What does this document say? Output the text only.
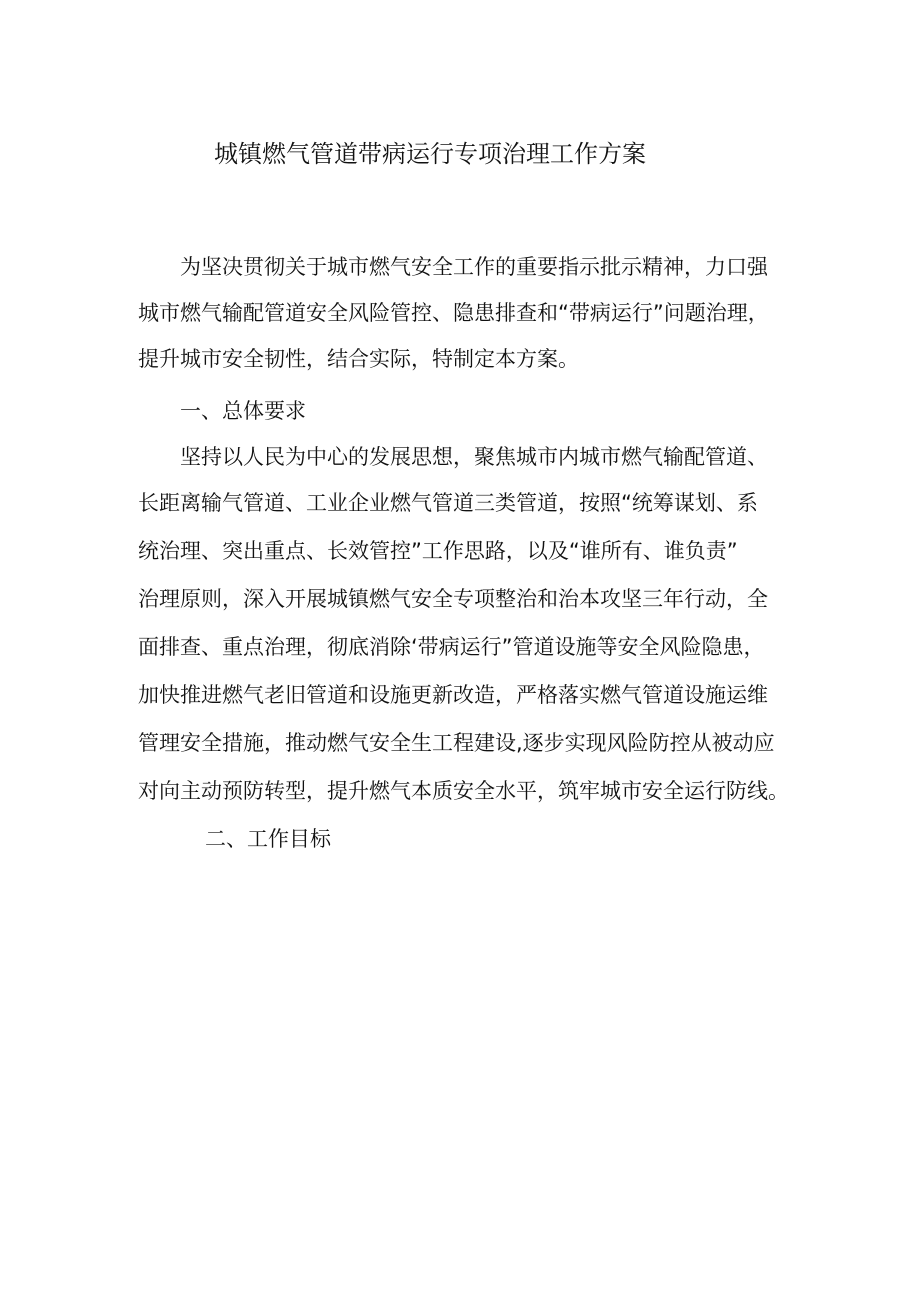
城镇燃气管道带病运行专项治理工作方案
为坚决贯彻关于城市燃气安全工作的重要指示批示精神，力口强
城市燃气输配管道安全风险管控、隐患排查和“带病运行”问题治理，
提升城市安全韧性，结合实际，特制定本方案。
一、总体要求
坚持以人民为中心的发展思想，聚焦城市内城市燃气输配管道、
长距离输气管道、工业企业燃气管道三类管道，按照“统筹谋划、系
统治理、突出重点、长效管控”工作思路，以及“谁所有、谁负责”
治理原则，深入开展城镇燃气安全专项整治和治本攻坚三年行动，全
面排查、重点治理，彻底消除‘带病运行”管道设施等安全风险隐患，
加快推进燃气老旧管道和设施更新改造，严格落实燃气管道设施运维
管理安全措施，推动燃气安全生工程建设,逐步实现风险防控从被动应
对向主动预防转型，提升燃气本质安全水平，筑牢城市安全运行防线。
二、工作目标
